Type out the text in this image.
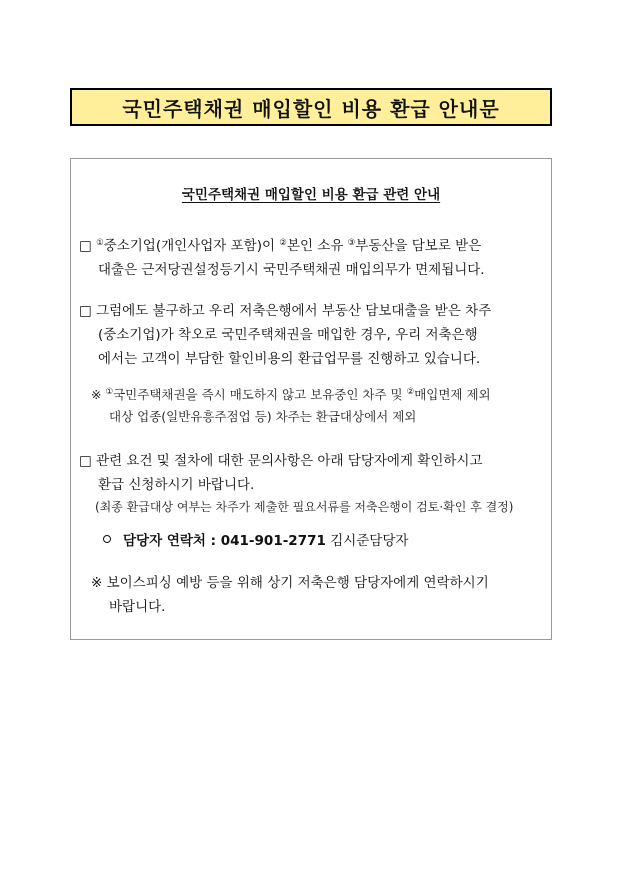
국민주택채권 매입할인 비용 환급 안내문
국민주택채권 매입할인 비용 환급 관련 안내
□ ①중소기업(개인사업자 포함)이 ②본인 소유 ③부동산을 담보로 받은
대출은 근저당권설정등기시 국민주택채권 매입의무가 면제됩니다.
□ 그럼에도 불구하고 우리 저축은행에서 부동산 담보대출을 받은 차주
(중소기업)가 착오로 국민주택채권을 매입한 경우, 우리 저축은행
에서는 고객이 부담한 할인비용의 환급업무를 진행하고 있습니다.
※ ①국민주택채권을 즉시 매도하지 않고 보유중인 차주 및 ②매입면제 제외
대상 업종(일반유흥주점업 등) 차주는 환급대상에서 제외
□ 관련 요건 및 절차에 대한 문의사항은 아래 담당자에게 확인하시고
환급 신청하시기 바랍니다.
(최종 환급대상 여부는 차주가 제출한 필요서류를 저축은행이 검토·확인 후 결정)
담당자 연락처 : 041-901-2771 김시준담당자
※ 보이스피싱 예방 등을 위해 상기 저축은행 담당자에게 연락하시기
바랍니다.
